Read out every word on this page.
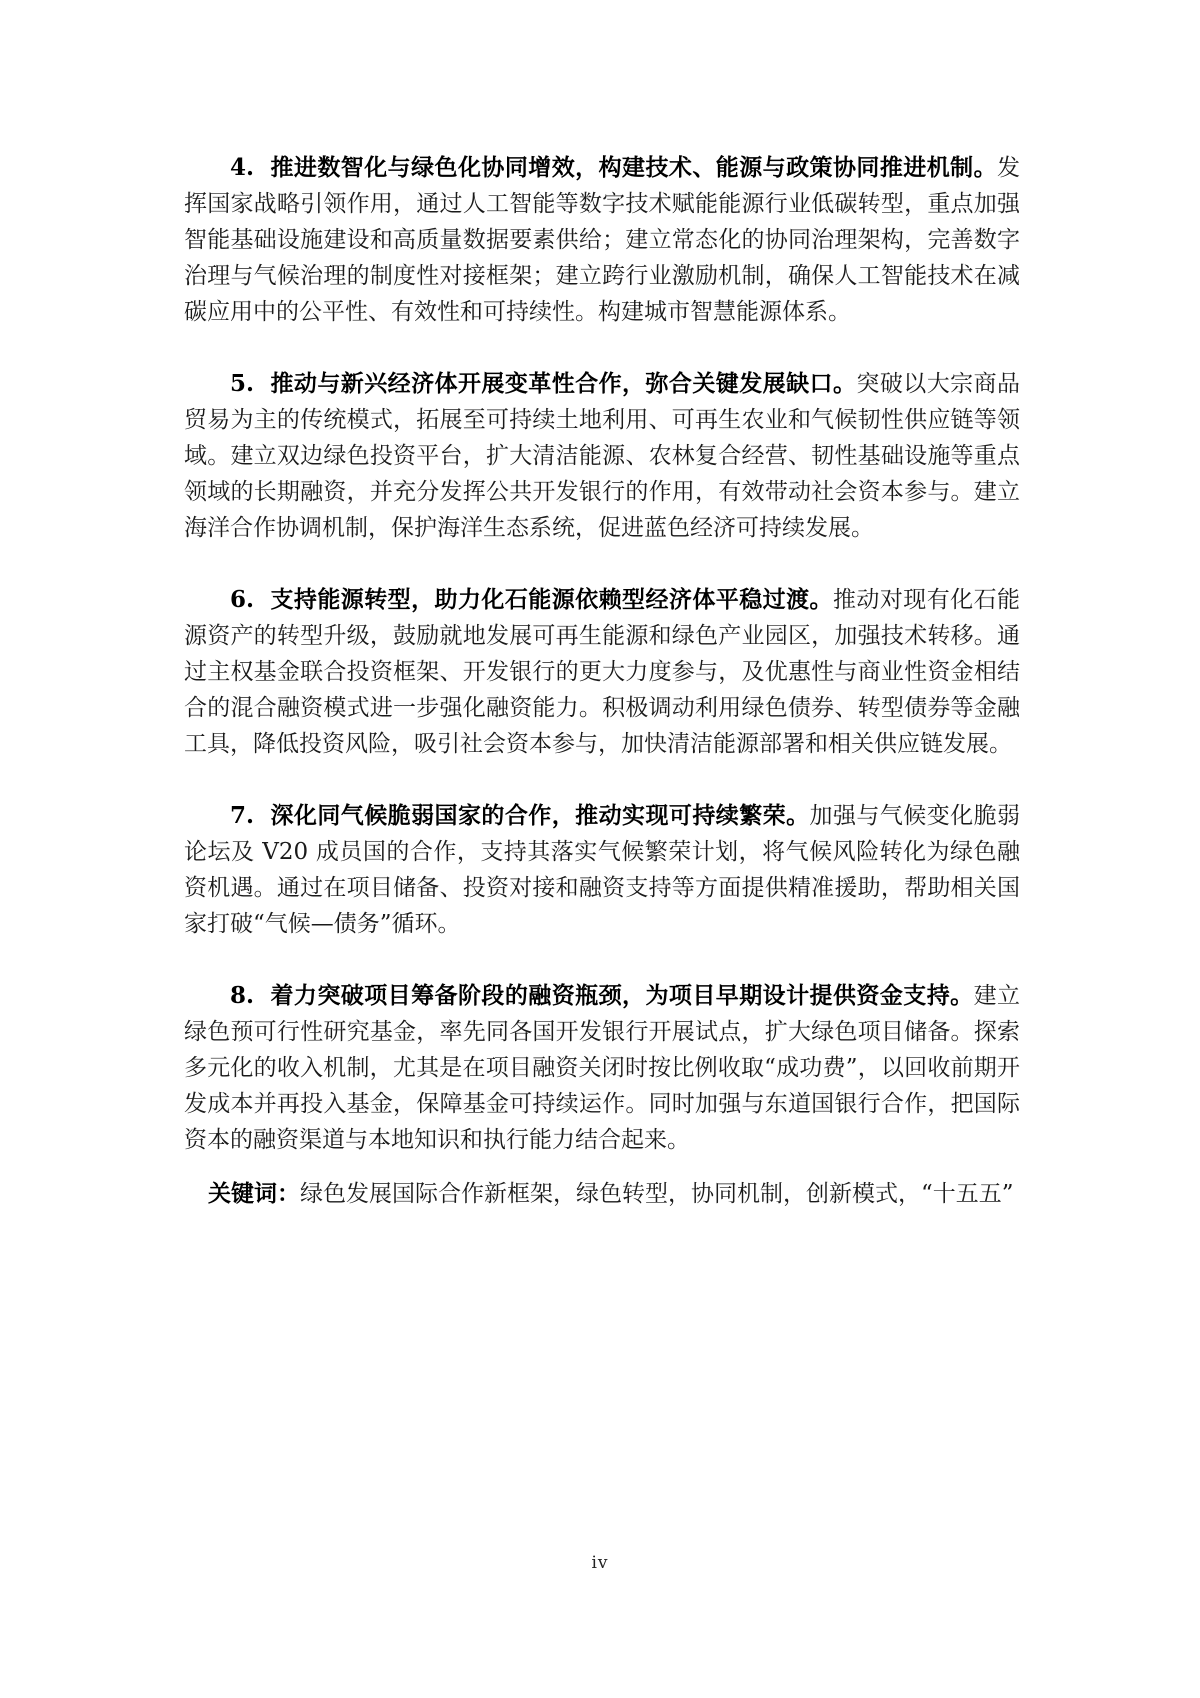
4. 推进数智化与绿色化协同增效，构建技术、能源与政策协同推进机制。发挥国家战略引领作用，通过人工智能等数字技术赋能能源行业低碳转型，重点加强智能基础设施建设和高质量数据要素供给；建立常态化的协同治理架构，完善数字治理与气候治理的制度性对接框架；建立跨行业激励机制，确保人工智能技术在减碳应用中的公平性、有效性和可持续性。构建城市智慧能源体系。

5. 推动与新兴经济体开展变革性合作，弥合关键发展缺口。突破以大宗商品贸易为主的传统模式，拓展至可持续土地利用、可再生农业和气候韧性供应链等领域。建立双边绿色投资平台，扩大清洁能源、农林复合经营、韧性基础设施等重点领域的长期融资，并充分发挥公共开发银行的作用，有效带动社会资本参与。建立海洋合作协调机制，保护海洋生态系统，促进蓝色经济可持续发展。

6. 支持能源转型，助力化石能源依赖型经济体平稳过渡。推动对现有化石能源资产的转型升级，鼓励就地发展可再生能源和绿色产业园区，加强技术转移。通过主权基金联合投资框架、开发银行的更大力度参与，及优惠性与商业性资金相结合的混合融资模式进一步强化融资能力。积极调动利用绿色债券、转型债券等金融工具，降低投资风险，吸引社会资本参与，加快清洁能源部署和相关供应链发展。

7. 深化同气候脆弱国家的合作，推动实现可持续繁荣。加强与气候变化脆弱论坛及 V20 成员国的合作，支持其落实气候繁荣计划，将气候风险转化为绿色融资机遇。通过在项目储备、投资对接和融资支持等方面提供精准援助，帮助相关国家打破“气候—债务”循环。

8. 着力突破项目筹备阶段的融资瓶颈，为项目早期设计提供资金支持。建立绿色预可行性研究基金，率先同各国开发银行开展试点，扩大绿色项目储备。探索多元化的收入机制，尤其是在项目融资关闭时按比例收取“成功费”，以回收前期开发成本并再投入基金，保障基金可持续运作。同时加强与东道国银行合作，把国际资本的融资渠道与本地知识和执行能力结合起来。

关键词：绿色发展国际合作新框架，绿色转型，协同机制，创新模式，“十五五”

iv
